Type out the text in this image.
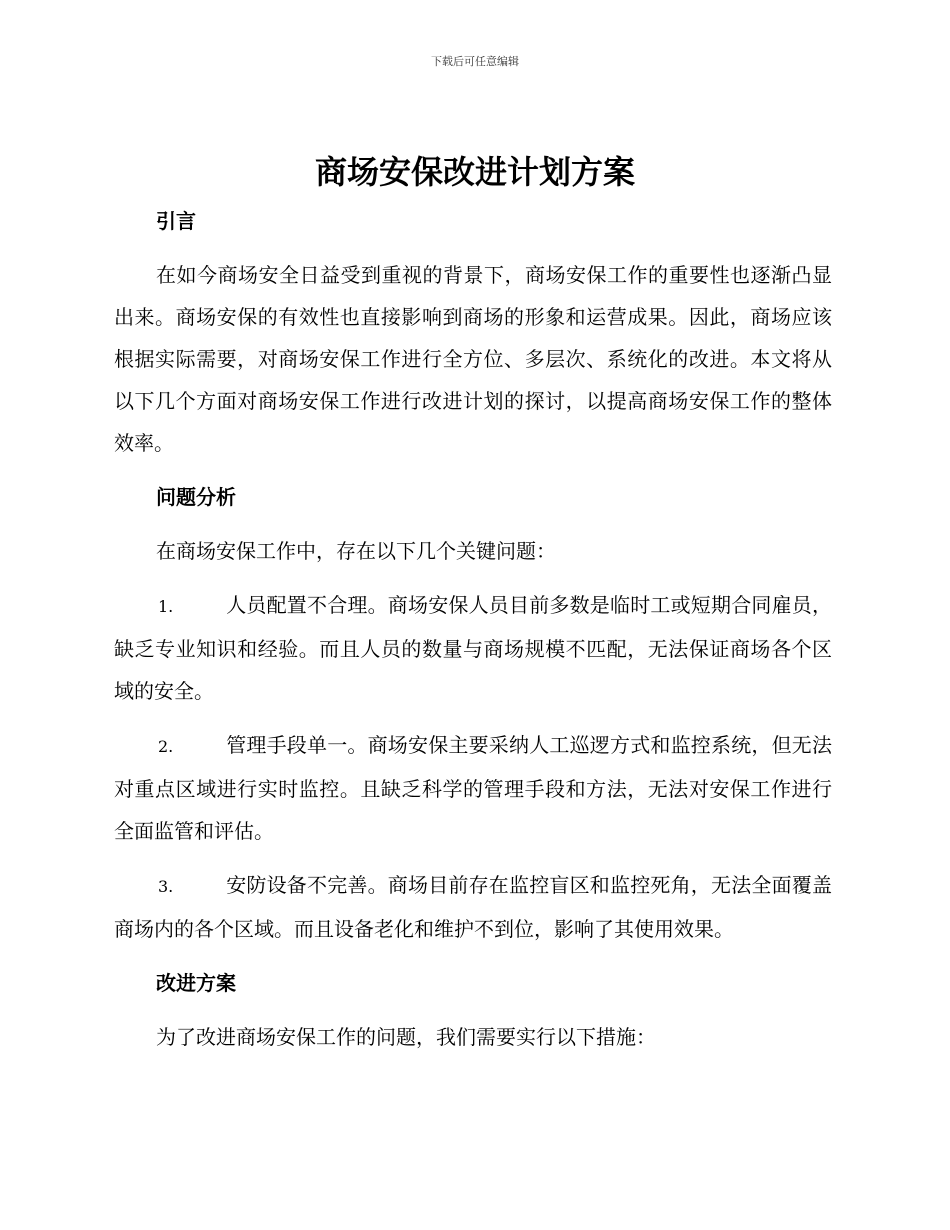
下载后可任意编辑
商场安保改进计划方案
引言

在如今商场安全日益受到重视的背景下，商场安保工作的重要性也逐渐凸显出来。商场安保的有效性也直接影响到商场的形象和运营成果。因此，商场应该根据实际需要，对商场安保工作进行全方位、多层次、系统化的改进。本文将从以下几个方面对商场安保工作进行改进计划的探讨，以提高商场安保工作的整体效率。

问题分析

在商场安保工作中，存在以下几个关键问题：

1.	人员配置不合理。商场安保人员目前多数是临时工或短期合同雇员，缺乏专业知识和经验。而且人员的数量与商场规模不匹配，无法保证商场各个区域的安全。

2.	管理手段单一。商场安保主要采纳人工巡逻方式和监控系统，但无法对重点区域进行实时监控。且缺乏科学的管理手段和方法，无法对安保工作进行全面监管和评估。

3.	安防设备不完善。商场目前存在监控盲区和监控死角，无法全面覆盖商场内的各个区域。而且设备老化和维护不到位，影响了其使用效果。

改进方案

为了改进商场安保工作的问题，我们需要实行以下措施：
